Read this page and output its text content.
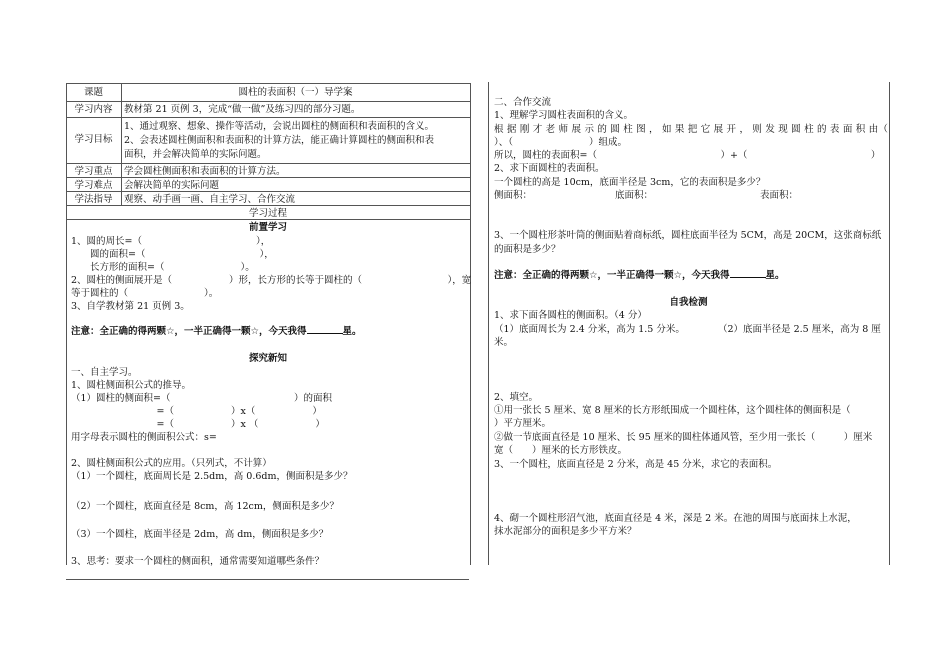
课题	圆柱的表面积（一）导学案
学习内容	教材第 21 页例 3，完成“做一做”及练习四的部分习题。
学习目标
1、通过观察、想象、操作等活动，会说出圆柱的侧面积和表面积的含义。
2、会表述圆柱侧面积和表面积的计算方法，能正确计算圆柱的侧面积和表
面积，并会解决简单的实际问题。
学习重点	学会圆柱侧面积和表面积的计算方法。
学习难点	会解决简单的实际问题
学法指导	观察、动手画一画、自主学习、合作交流
学习过程
前置学习
1、圆的周长=（　　　　　　　　　　　　），
　　圆的面积=（　　　　　　　　　　　　），
　　长方形的面积=（　　　　　　　　）。
2、圆柱的侧面展开是（　　　　　　）形，长方形的长等于圆柱的（　　　　　　　　　），宽
等于圆柱的（　　　　　　　　）。
3、自学教材第 21 页例 3。
注意：全正确的得两颗☆，一半正确得一颗☆，今天我得	星。
探究新知
一、自主学习。
1、圆柱侧面积公式的推导。
（1）圆柱的侧面积=（　　　　　　　　　　　　　）的面积
　　　　　　　　　=（　　　　　　）x（　　　　　　）
　　　　　　　　　=（　　　　　　）x （　　　　　　）
用字母表示圆柱的侧面积公式：s=
2、圆柱侧面积公式的应用。（只列式，不计算）
（1）一个圆柱，底面周长是 2.5dm，高 0.6dm，侧面积是多少？
（2）一个圆柱，底面直径是 8cm，高 12cm，侧面积是多少？
（3）一个圆柱，底面半径是 2dm，高 dm，侧面积是多少？
3、思考：要求一个圆柱的侧面积，通常需要知道哪些条件？
二、合作交流
1、理解学习圆柱表面积的含义。
根 据 刚 才 老 师 展 示 的 圆 柱 图 ， 如 果 把 它 展 开 ， 则 发 现 圆 柱 的 表 面 积 由（
）、（　　　　　　　　）组成。
所以，圆柱的表面积=（　　　　　　　　　　　　　）+（　　　　　　　　　　　　　）
2、求下面圆柱的表面积。
一个圆柱的高是 10cm，底面半径是 3cm，它的表面积是多少？
侧面积：	底面积：	表面积：
3、一个圆柱形茶叶筒的侧面贴着商标纸，圆柱底面半径为 5CM，高是 20CM，这张商标纸的面积是多少？
注意：全正确的得两颗☆，一半正确得一颗☆，今天我得	星。
自我检测
1、求下面各圆柱的侧面积。（4 分）
（1）底面周长为 2.4 分米，高为 1.5 分米。	（2）底面半径是 2.5 厘米，高为 8 厘
米。
2、填空。
①用一张长 5 厘米、宽 8 厘米的长方形纸围成一个圆柱体，这个圆柱体的侧面积是（
）平方厘米。
②做一节底面直径是 10 厘米、长 95 厘米的圆柱体通风管，至少用一张长（　　　）厘米
宽（　　）厘米的长方形铁皮。
3、一个圆柱，底面直径是 2 分米，高是 45 分米，求它的表面积。
4、砌一个圆柱形沼气池，底面直径是 4 米，深是 2 米。在池的周围与底面抹上水泥，
抹水泥部分的面积是多少平方米？
